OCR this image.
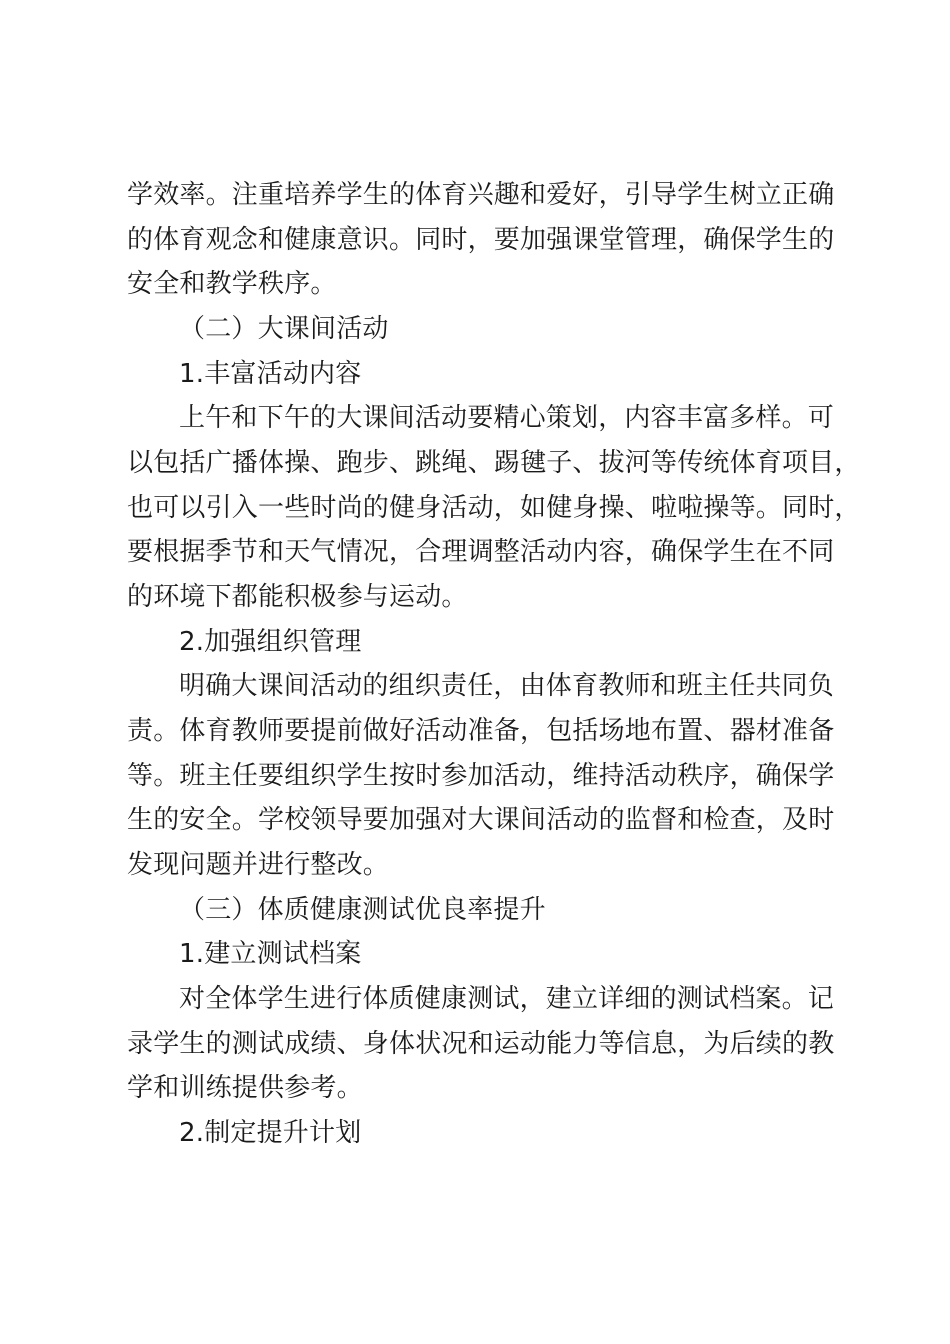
学效率。注重培养学生的体育兴趣和爱好，引导学生树立正确
的体育观念和健康意识。同时，要加强课堂管理，确保学生的
安全和教学秩序。
（二）大课间活动
1.丰富活动内容
上午和下午的大课间活动要精心策划，内容丰富多样。可
以包括广播体操、跑步、跳绳、踢毽子、拔河等传统体育项目，
也可以引入一些时尚的健身活动，如健身操、啦啦操等。同时，
要根据季节和天气情况，合理调整活动内容，确保学生在不同
的环境下都能积极参与运动。
2.加强组织管理
明确大课间活动的组织责任，由体育教师和班主任共同负
责。体育教师要提前做好活动准备，包括场地布置、器材准备
等。班主任要组织学生按时参加活动，维持活动秩序，确保学
生的安全。学校领导要加强对大课间活动的监督和检查，及时
发现问题并进行整改。
（三）体质健康测试优良率提升
1.建立测试档案
对全体学生进行体质健康测试，建立详细的测试档案。记
录学生的测试成绩、身体状况和运动能力等信息，为后续的教
学和训练提供参考。
2.制定提升计划
